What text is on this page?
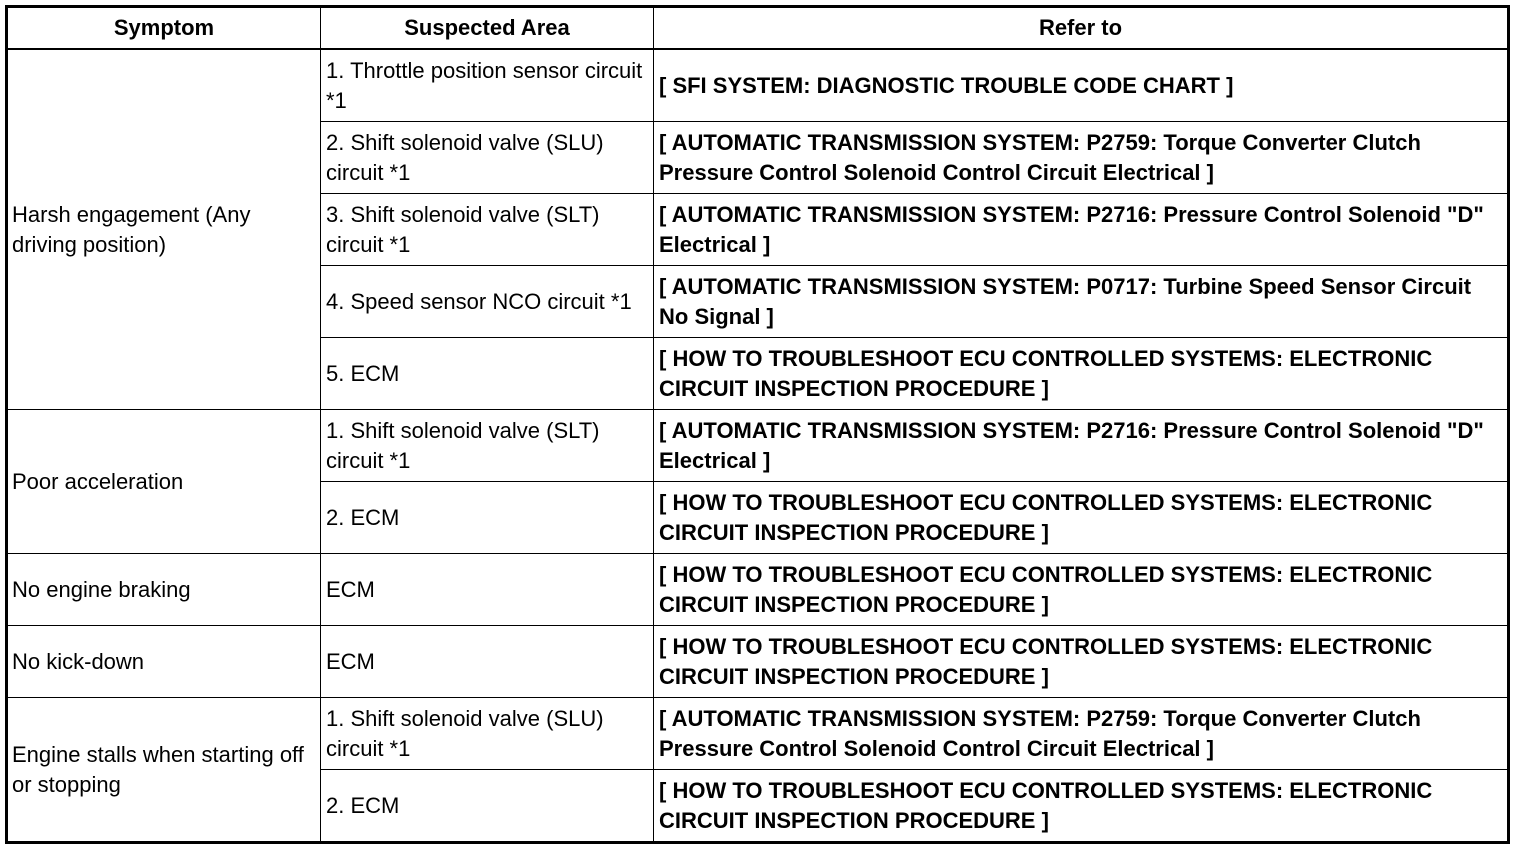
Symptom	Suspected Area	Refer to
Harsh engagement (Any driving position)	1. Throttle position sensor circuit *1	[ SFI SYSTEM: DIAGNOSTIC TROUBLE CODE CHART ]
	2. Shift solenoid valve (SLU) circuit *1	[ AUTOMATIC TRANSMISSION SYSTEM: P2759: Torque Converter Clutch Pressure Control Solenoid Control Circuit Electrical ]
	3. Shift solenoid valve (SLT) circuit *1	[ AUTOMATIC TRANSMISSION SYSTEM: P2716: Pressure Control Solenoid "D" Electrical ]
	4. Speed sensor NCO circuit *1	[ AUTOMATIC TRANSMISSION SYSTEM: P0717: Turbine Speed Sensor Circuit No Signal ]
	5. ECM	[ HOW TO TROUBLESHOOT ECU CONTROLLED SYSTEMS: ELECTRONIC CIRCUIT INSPECTION PROCEDURE ]
Poor acceleration	1. Shift solenoid valve (SLT) circuit *1	[ AUTOMATIC TRANSMISSION SYSTEM: P2716: Pressure Control Solenoid "D" Electrical ]
	2. ECM	[ HOW TO TROUBLESHOOT ECU CONTROLLED SYSTEMS: ELECTRONIC CIRCUIT INSPECTION PROCEDURE ]
No engine braking	ECM	[ HOW TO TROUBLESHOOT ECU CONTROLLED SYSTEMS: ELECTRONIC CIRCUIT INSPECTION PROCEDURE ]
No kick-down	ECM	[ HOW TO TROUBLESHOOT ECU CONTROLLED SYSTEMS: ELECTRONIC CIRCUIT INSPECTION PROCEDURE ]
Engine stalls when starting off or stopping	1. Shift solenoid valve (SLU) circuit *1	[ AUTOMATIC TRANSMISSION SYSTEM: P2759: Torque Converter Clutch Pressure Control Solenoid Control Circuit Electrical ]
	2. ECM	[ HOW TO TROUBLESHOOT ECU CONTROLLED SYSTEMS: ELECTRONIC CIRCUIT INSPECTION PROCEDURE ]
